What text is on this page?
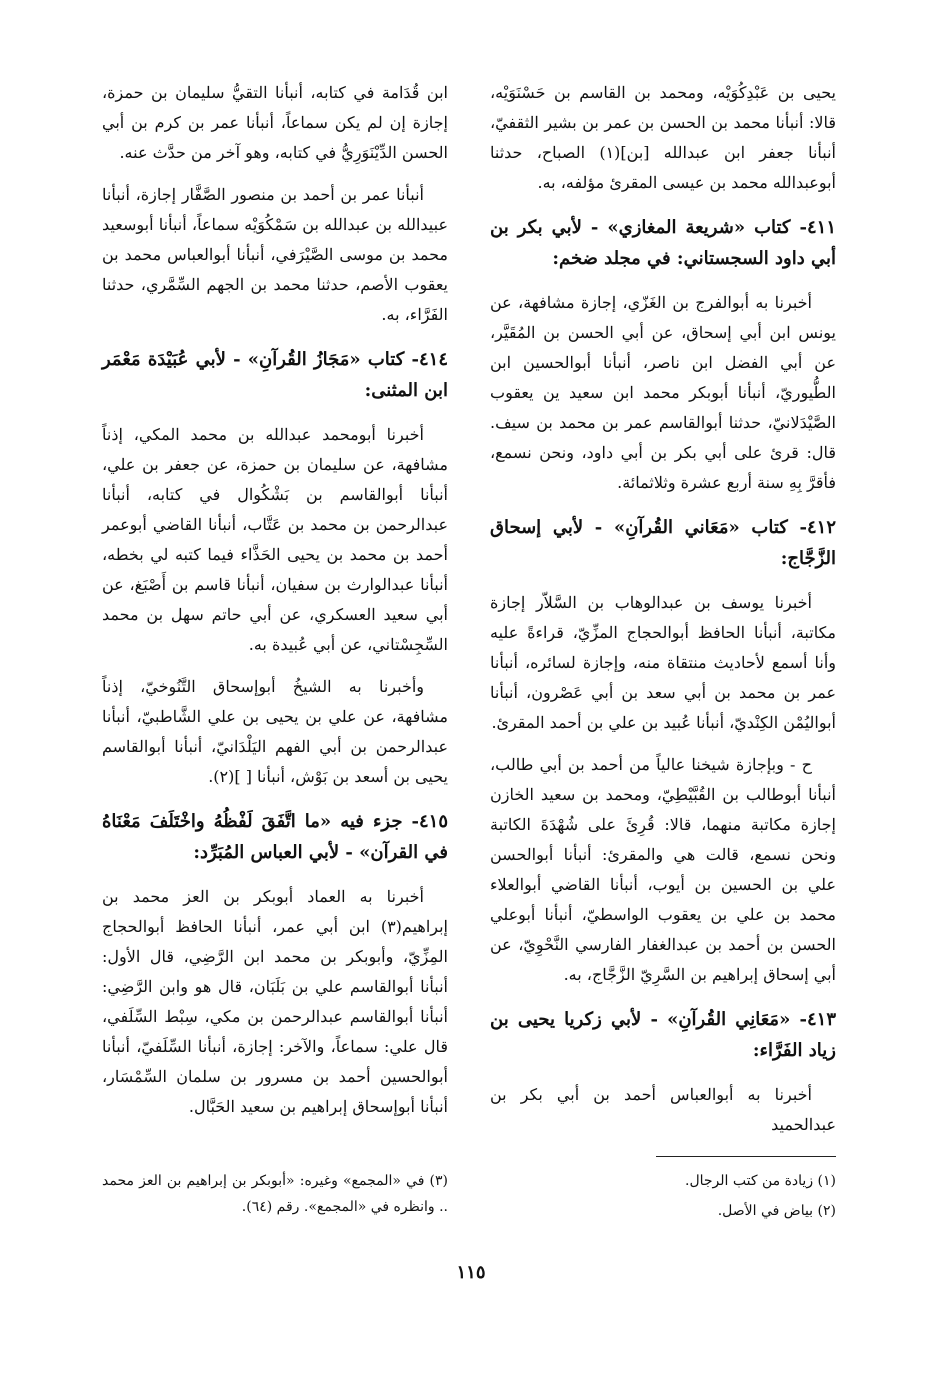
يحيى بن عَبْدِكُوَيْه، ومحمد بن القاسم بن حَسْنَوَيْه، قالا: أنبأنا محمد بن الحسن بن عمر بن بشير الثقفيّ، أنبأنا جعفر ابن عبدالله [بن](١) الصباح، حدثنا أبوعبدالله محمد بن عيسى المقرئ مؤلفه، به.

٤١١- كتاب «شريعة المغازي» - لأبي بكر بن أبي داود السجستاني: في مجلد ضخم:

أخبرنا به أبوالفرج بن الغَزّي، إجازة مشافهة، عن يونس ابن أبي إسحاق، عن أبي الحسن بن المُقَيَّر، عن أبي الفضل ابن ناصر، أنبأنا أبوالحسين ابن الطُّيوريّ، أنبأنا أبوبكر محمد ابن سعيد ين يعقوب الصَّيْدَلانيّ، حدثنا أبوالقاسم عمر بن محمد بن سيف. قال: قرئ على أبي بكر بن أبي داود، ونحن نسمع، فأقرَّ بِهِ سنة أربع عشرة وثلاثمائة.

٤١٢- كتاب «مَعَاني القُرآنِ» - لأبي إسحاق الزَّجَّاج:

أخبرنا يوسف بن عبدالوهاب بن السَّلاّر إجازة مكاتبة، أنبأنا الحافظ أبوالحجاج المزِّيّ، قراءةً عليه وأنا أسمع لأحاديث منتقاة منه، وإجازة لسائره، أنبأنا عمر بن محمد بن أبي سعد بن أبي عَصْرون، أنبأنا أبواليُمْن الكِنْديّ، أنبأنا عُبيد بن علي بن أحمد المقرئ.

ح - وبإجازة شيخنا عالياً من أحمد بن أبي طالب، أنبأنا أبوطالب بن القُبَّيْطِيّ، ومحمد بن سعيد الخازن إجازة مكاتبة منهما، قالا: قُرِئَ على شُهْدَةَ الكاتبة ونحن نسمع، قالت هي والمقرئ: أنبأنا أبوالحسن علي بن الحسين بن أيوب، أنبأنا القاضي أبوالعلاء محمد بن علي بن يعقوب الواسطيّ، أنبأنا أبوعلي الحسن بن أحمد بن عبدالغفار الفارسي النَّحْوِيّ، عن أبي إسحاق إبراهيم بن السَّرِيّ الزَّجَّاج، به.

٤١٣- «مَعَانِي القُرآنِ» - لأبي زكريا يحيى بن زياد الفَرَّاء:

أخبرنا به أبوالعباس أحمد بن أبي بكر بن عبدالحميد

ابن قُدَامة في كتابه، أنبأنا التقيُّ سليمان بن حمزة، إجازة إن لم يكن سماعاً، أنبأنا عمر بن كرم بن أبي الحسن الدِّيْنَوَرِيُّ في كتابه، وهو آخر من حدَّث عنه.

أنبأنا عمر بن أحمد بن منصور الصَّفَّار إجازة، أنبأنا عبيدالله بن عبدالله بن سَمْكُوَيْه سماعاً، أنبأنا أبوسعيد محمد بن موسى الصَّيْرَفي، أنبأنا أبوالعباس محمد بن يعقوب الأصم، حدثنا محمد بن الجهم السِّمَّري، حدثنا الفَرَّاء، به.

٤١٤- كتاب «مَجَازُ القُرآنِ» - لأبي عُبَيْدَة مَعْمَر ابن المثنى:

أخبرنا أبومحمد عبدالله بن محمد المكي، إذناً مشافهة، عن سليمان بن حمزة، عن جعفر بن علي، أنبأنا أبوالقاسم بن بَشْكُوال في كتابه، أنبأنا عبدالرحمن بن محمد بن عَتَّاب، أنبأنا القاضي أبوعمر أحمد بن محمد بن يحيى الحَذَّاء فيما كتبه لي بخطه، أنبأنا عبدالوارث بن سفيان، أنبأنا قاسم بن أَصْبَغ، عن أبي سعيد العسكري، عن أبي حاتم سهل بن محمد السِّجِسْتاني، عن أبي عُبيدة به.

وأخبرنا به الشيخُ أبوإسحاق التَّنُوخيّ، إذناً مشافهة، عن علي بن يحيى بن علي الشَّاطبيّ، أنبأنا عبدالرحمن بن أبي الفهم اليَلْدَانيّ، أنبأنا أبوالقاسم يحيى بن أسعد بن بَوْش، أنبأنا [ ](٢).

٤١٥- جزء فيه «ما اتَّفَقَ لَفْظُهُ واخْتَلَفَ مَعْنَاهُ في القرآن» - لأبي العباس المُبَرِّد:

أخبرنا به العماد أبوبكر بن العز محمد بن إبراهيم(٣) ابن أبي عمر، أنبأنا الحافظ أبوالحجاج المِزِّيّ، وأبوبكر بن محمد ابن الرَّضِي، قال الأول: أنبأنا أبوالقاسم علي بن بَلَبَان، قال هو وابن الرَّضِي: أنبأنا أبوالقاسم عبدالرحمن بن مكي، سِبْط السِّلَفي، قال علي: سماعاً، والآخر: إجازة، أنبأنا السِّلَفيّ، أنبأنا أبوالحسين أحمد بن مسرور بن سلمان السِّمْسَار، أنبأنا أبوإسحاق إبراهيم بن سعيد الحَبَّال.

(١) زيادة من كتب الرجال.

(٢) بياض في الأصل.

(٣) في «المجمع» وغيره: «أبوبكر بن إبراهيم بن العز محمد .. وانظره في «المجمع». رقم (٦٤).

١١٥
